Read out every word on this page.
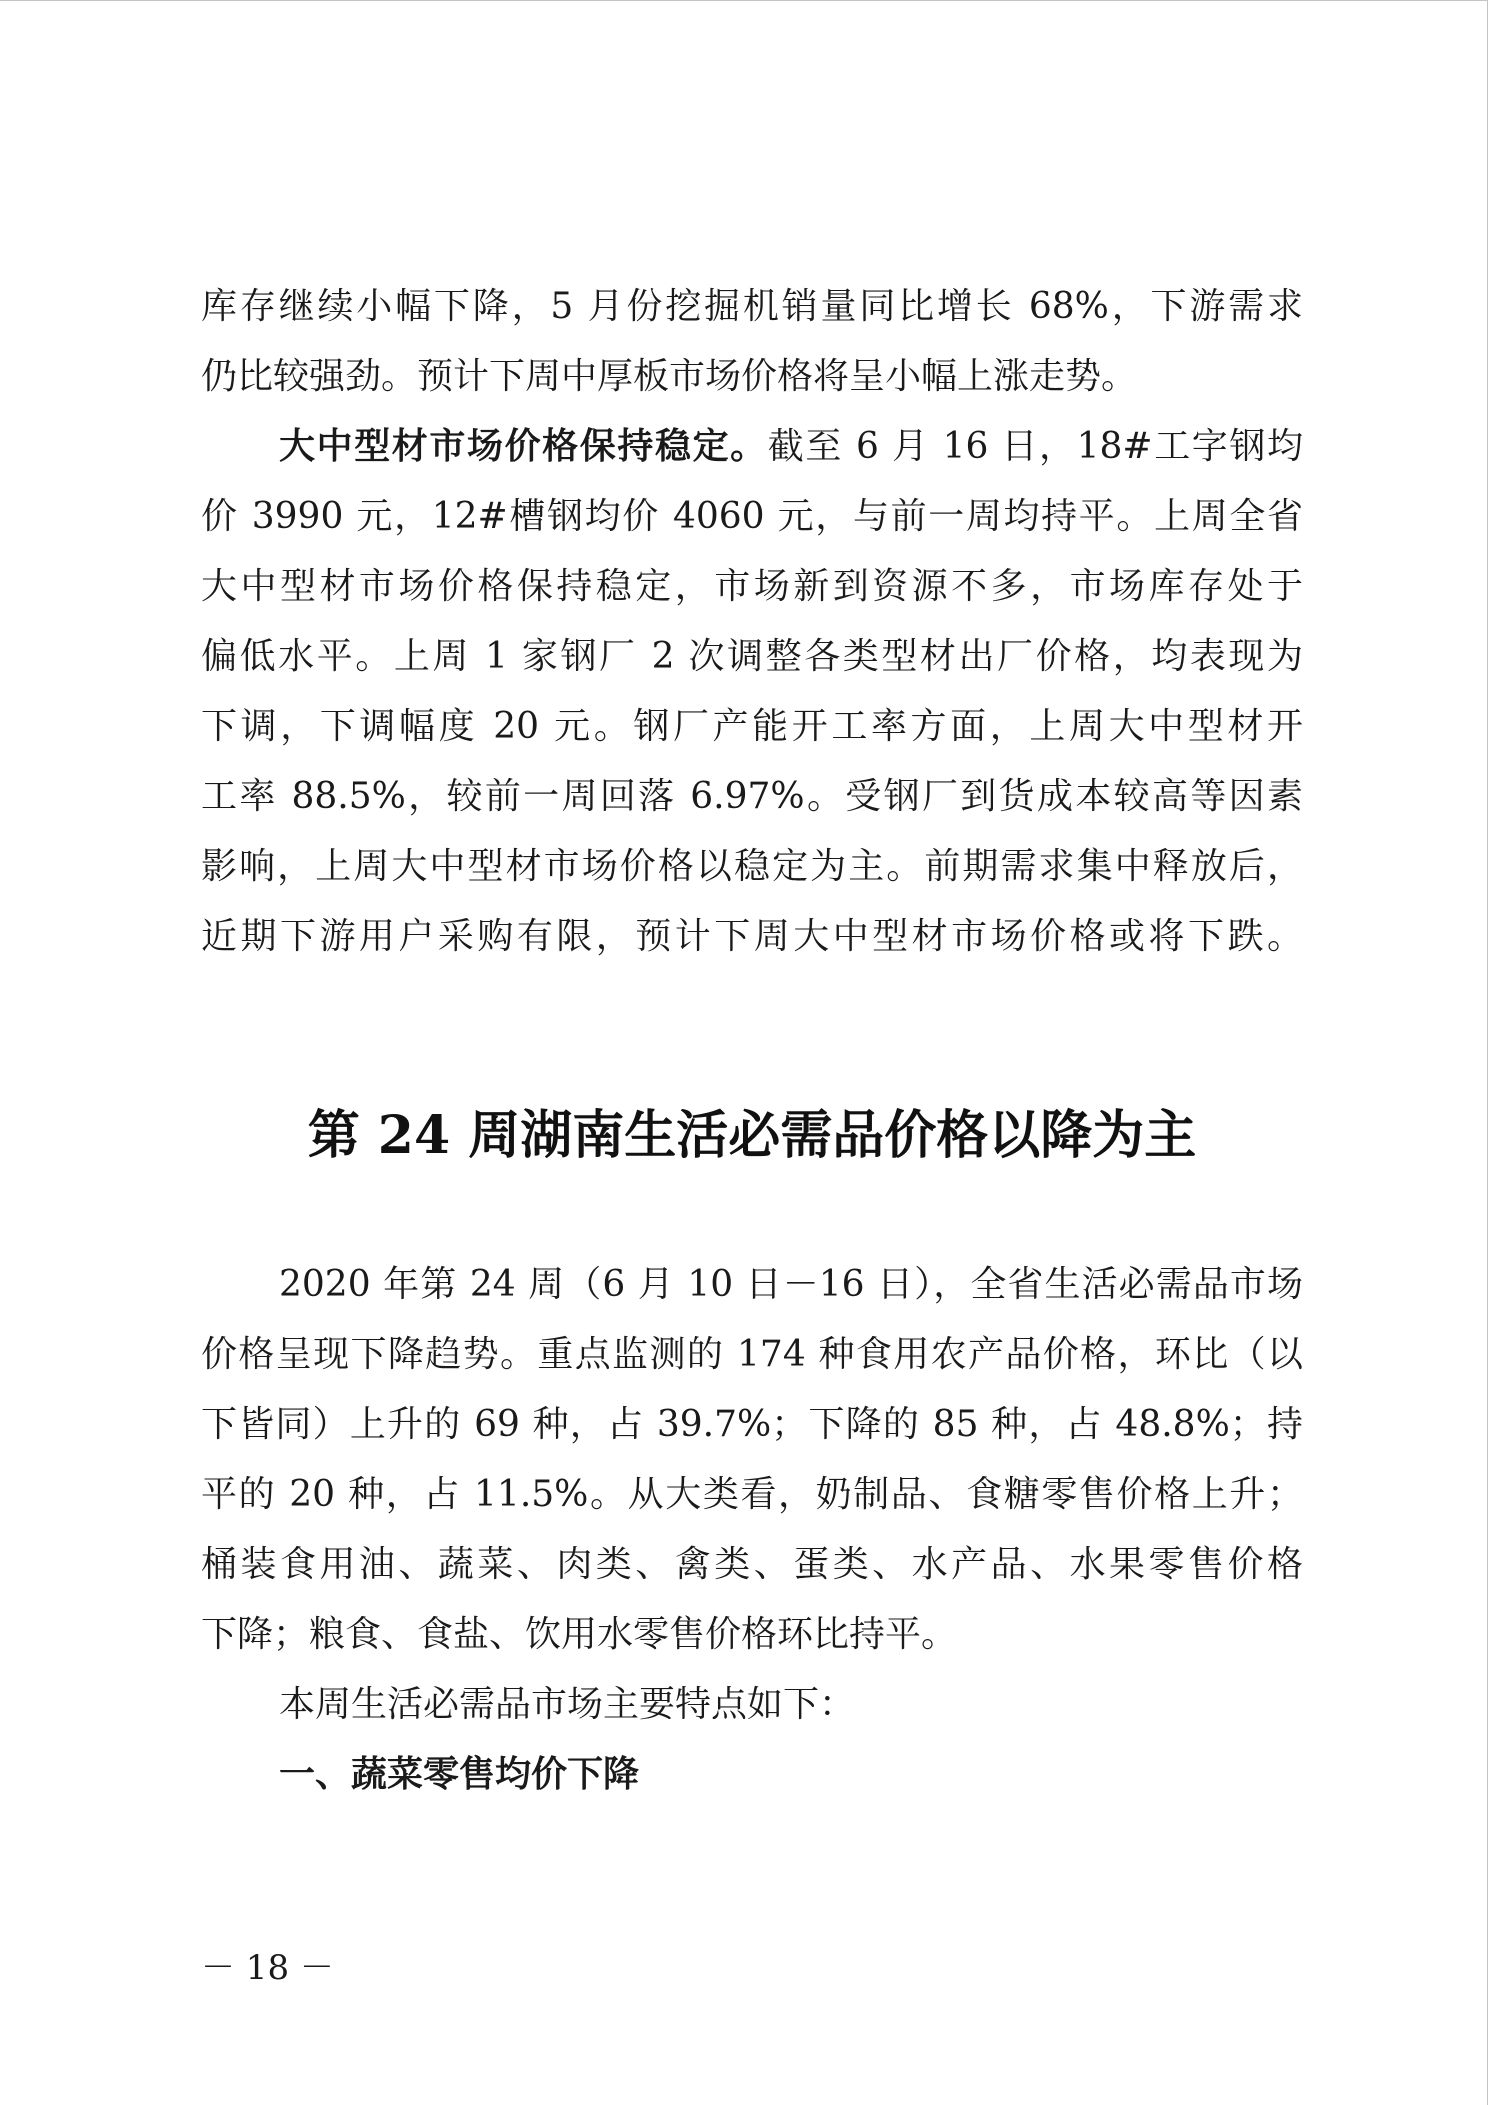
库存继续小幅下降，5 月份挖掘机销量同比增长 68%，下游需求
仍比较强劲。预计下周中厚板市场价格将呈小幅上涨走势。
大中型材市场价格保持稳定。截至 6 月 16 日，18#工字钢均
价 3990 元，12#槽钢均价 4060 元，与前一周均持平。上周全省
大中型材市场价格保持稳定，市场新到资源不多，市场库存处于
偏低水平。上周 1 家钢厂 2 次调整各类型材出厂价格，均表现为
下调，下调幅度 20 元。钢厂产能开工率方面，上周大中型材开
工率 88.5%，较前一周回落 6.97%。受钢厂到货成本较高等因素
影响，上周大中型材市场价格以稳定为主。前期需求集中释放后，
近期下游用户采购有限，预计下周大中型材市场价格或将下跌。
第 24 周湖南生活必需品价格以降为主
2020 年第 24 周（6 月 10 日－16 日），全省生活必需品市场
价格呈现下降趋势。重点监测的 174 种食用农产品价格，环比（以
下皆同）上升的 69 种，占 39.7%；下降的 85 种，占 48.8%；持
平的 20 种，占 11.5%。从大类看，奶制品、食糖零售价格上升；
桶装食用油、蔬菜、肉类、禽类、蛋类、水产品、水果零售价格
下降；粮食、食盐、饮用水零售价格环比持平。
本周生活必需品市场主要特点如下：
一、蔬菜零售均价下降
－ 18 －
